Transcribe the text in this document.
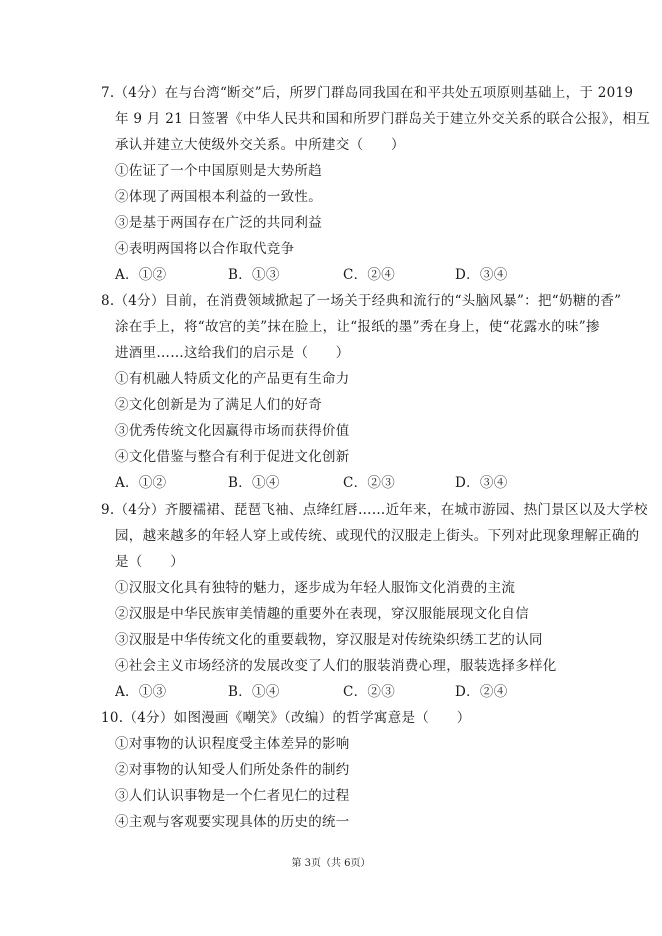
7.（4分）在与台湾“断交”后，所罗门群岛同我国在和平共处五项原则基础上，于 2019
年 9 月 21 日签署《中华人民共和国和所罗门群岛关于建立外交关系的联合公报》，相互
承认并建立大使级外交关系。中所建交（　　）
①佐证了一个中国原则是大势所趋
②体现了两国根本利益的一致性。
③是基于两国存在广泛的共同利益
④表明两国将以合作取代竞争
A．①②	B．①③	C．②④	D．③④
8.（4分）目前，在消费领域掀起了一场关于经典和流行的“头脑风暴”：把“奶糖的香”
涂在手上，将“故宫的美”抹在脸上，让“报纸的墨”秀在身上，使“花露水的味”掺
进酒里……这给我们的启示是（　　）
①有机融人特质文化的产品更有生命力
②文化创新是为了满足人们的好奇
③优秀传统文化因赢得市场而获得价值
④文化借鉴与整合有利于促进文化创新
A．①②	B．①④	C．②③	D．③④
9.（4分）齐腰襦裙、琵琶飞袖、点绛红唇……近年来，在城市游园、热门景区以及大学校
园，越来越多的年轻人穿上或传统、或现代的汉服走上街头。下列对此现象理解正确的
是（　　）
①汉服文化具有独特的魅力，逐步成为年轻人服饰文化消费的主流
②汉服是中华民族审美情趣的重要外在表现，穿汉服能展现文化自信
③汉服是中华传统文化的重要载物，穿汉服是对传统染织绣工艺的认同
④社会主义市场经济的发展改变了人们的服装消费心理，服装选择多样化
A．①③	B．①④	C．②③	D．②④
10.（4分）如图漫画《嘲笑》（改编）的哲学寓意是（　　）
①对事物的认识程度受主体差异的影响
②对事物的认知受人们所处条件的制约
③人们认识事物是一个仁者见仁的过程
④主观与客观要实现具体的历史的统一
第 3页（共 6页）
